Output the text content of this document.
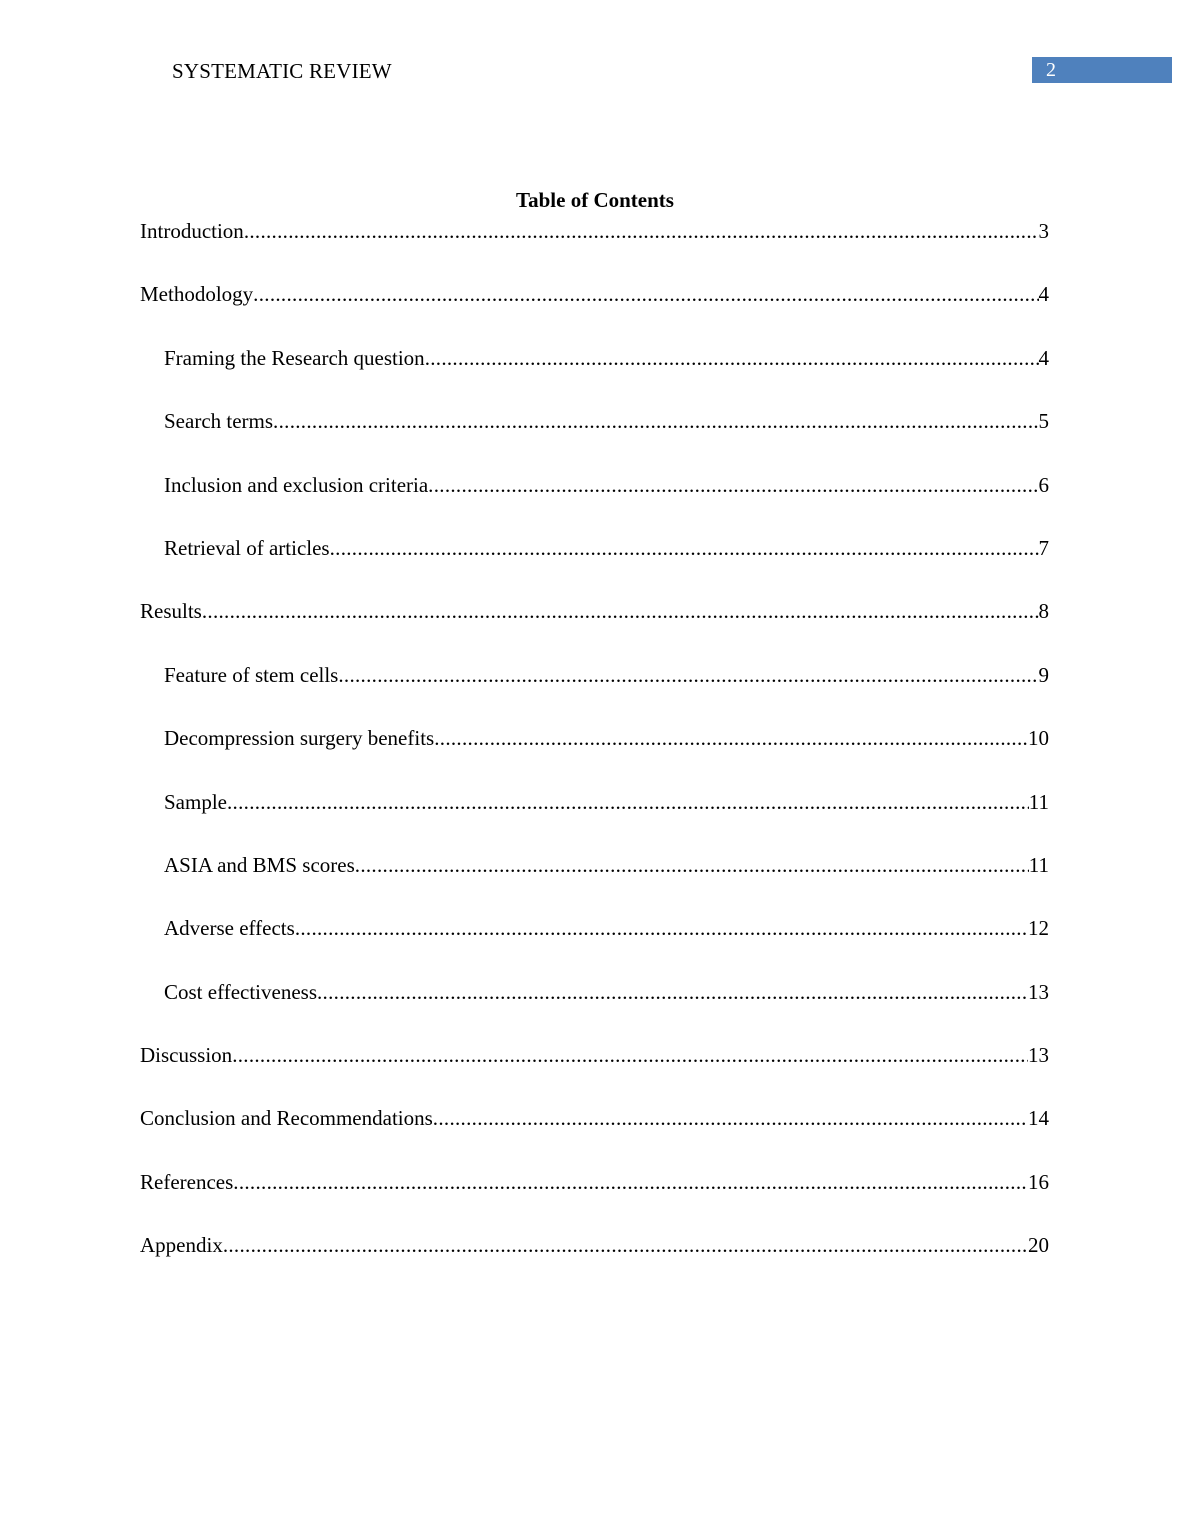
SYSTEMATIC REVIEW	2
Table of Contents
Introduction .....	3
Methodology .....	4
Framing the Research question .....	4
Search terms .....	5
Inclusion and exclusion criteria .....	6
Retrieval of articles .....	7
Results .....	8
Feature of stem cells .....	9
Decompression surgery benefits .....	10
Sample .....	11
ASIA and BMS scores .....	11
Adverse effects .....	12
Cost effectiveness .....	13
Discussion .....	13
Conclusion and Recommendations .....	14
References .....	16
Appendix .....	20
